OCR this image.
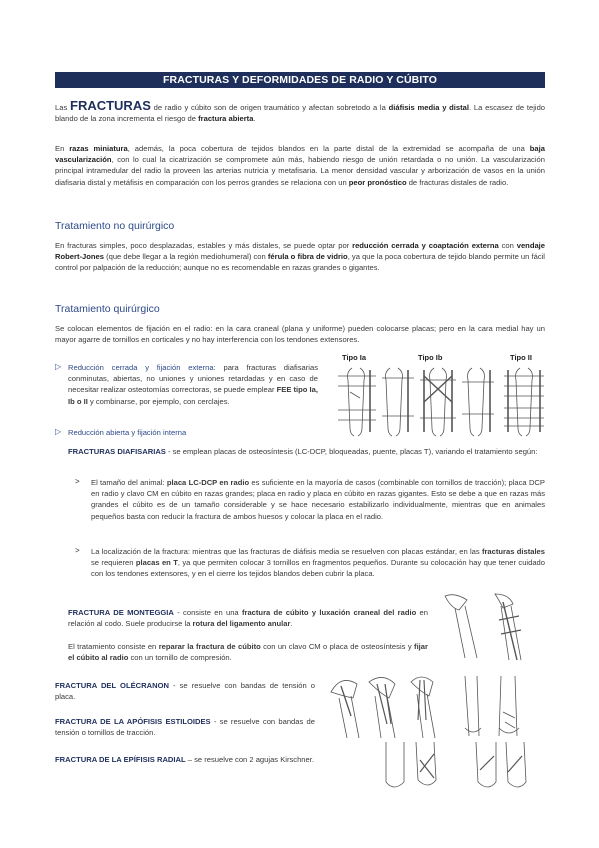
FRACTURAS Y DEFORMIDADES DE RADIO Y CÚBITO
Las FRACTURAS de radio y cúbito son de origen traumático y afectan sobretodo a la diáfisis media y distal. La escasez de tejido blando de la zona incrementa el riesgo de fractura abierta.
En razas miniatura, además, la poca cobertura de tejidos blandos en la parte distal de la extremidad se acompaña de una baja vascularización, con lo cual la cicatrización se compromete aún más, habiendo riesgo de unión retardada o no unión. La vascularización principal intramedular del radio la proveen las arterias nutricia y metafisaria. La menor densidad vascular y arborización de vasos en la unión diafisaria distal y metáfisis en comparación con los perros grandes se relaciona con un peor pronóstico de fracturas distales de radio.
Tratamiento no quirúrgico
En fracturas simples, poco desplazadas, estables y más distales, se puede optar por reducción cerrada y coaptación externa con vendaje Robert-Jones (que debe llegar a la región mediohumeral) con férula o fibra de vidrio, ya que la poca cobertura de tejido blando permite un fácil control por palpación de la reducción; aunque no es recomendable en razas grandes o gigantes.
Tratamiento quirúrgico
Se colocan elementos de fijación en el radio: en la cara craneal (plana y uniforme) pueden colocarse placas; pero en la cara medial hay un mayor agarre de tornillos en corticales y no hay interferencia con los tendones extensores.
▷ Reducción cerrada y fijación externa: para fracturas diafisarias conminutas, abiertas, no uniones y uniones retardadas y en caso de necesitar realizar osteotomías correctoras, se puede emplear FEE tipo Ia, Ib o II y combinarse, por ejemplo, con cerclajes.
Tipo Ia	Tipo Ib	Tipo II
▷ Reducción abierta y fijación interna
FRACTURAS DIAFISARIAS - se emplean placas de osteosíntesis (LC-DCP, bloqueadas, puente, placas T), variando el tratamiento según:
> El tamaño del animal: placa LC-DCP en radio es suficiente en la mayoría de casos (combinable con tornillos de tracción); placa DCP en radio y clavo CM en cúbito en razas grandes; placa en radio y placa en cúbito en razas gigantes. Esto se debe a que en razas más grandes el cúbito es de un tamaño considerable y se hace necesario estabilizarlo individualmente, mientras que en animales pequeños basta con reducir la fractura de ambos huesos y colocar la placa en el radio.
> La localización de la fractura: mientras que las fracturas de diáfisis media se resuelven con placas estándar, en las fracturas distales se requieren placas en T, ya que permiten colocar 3 tornillos en fragmentos pequeños. Durante su colocación hay que tener cuidado con los tendones extensores, y en el cierre los tejidos blandos deben cubrir la placa.
FRACTURA DE MONTEGGIA - consiste en una fractura de cúbito y luxación craneal del radio en relación al codo. Suele producirse la rotura del ligamento anular.
El tratamiento consiste en reparar la fractura de cúbito con un clavo CM o placa de osteosíntesis y fijar el cúbito al radio con un tornillo de compresión.
FRACTURA DEL OLÉCRANON - se resuelve con bandas de tensión o placa.
FRACTURA DE LA APÓFISIS ESTILOIDES - se resuelve con bandas de tensión o tornillos de tracción.
FRACTURA DE LA EPÍFISIS RADIAL – se resuelve con 2 agujas Kirschner.
